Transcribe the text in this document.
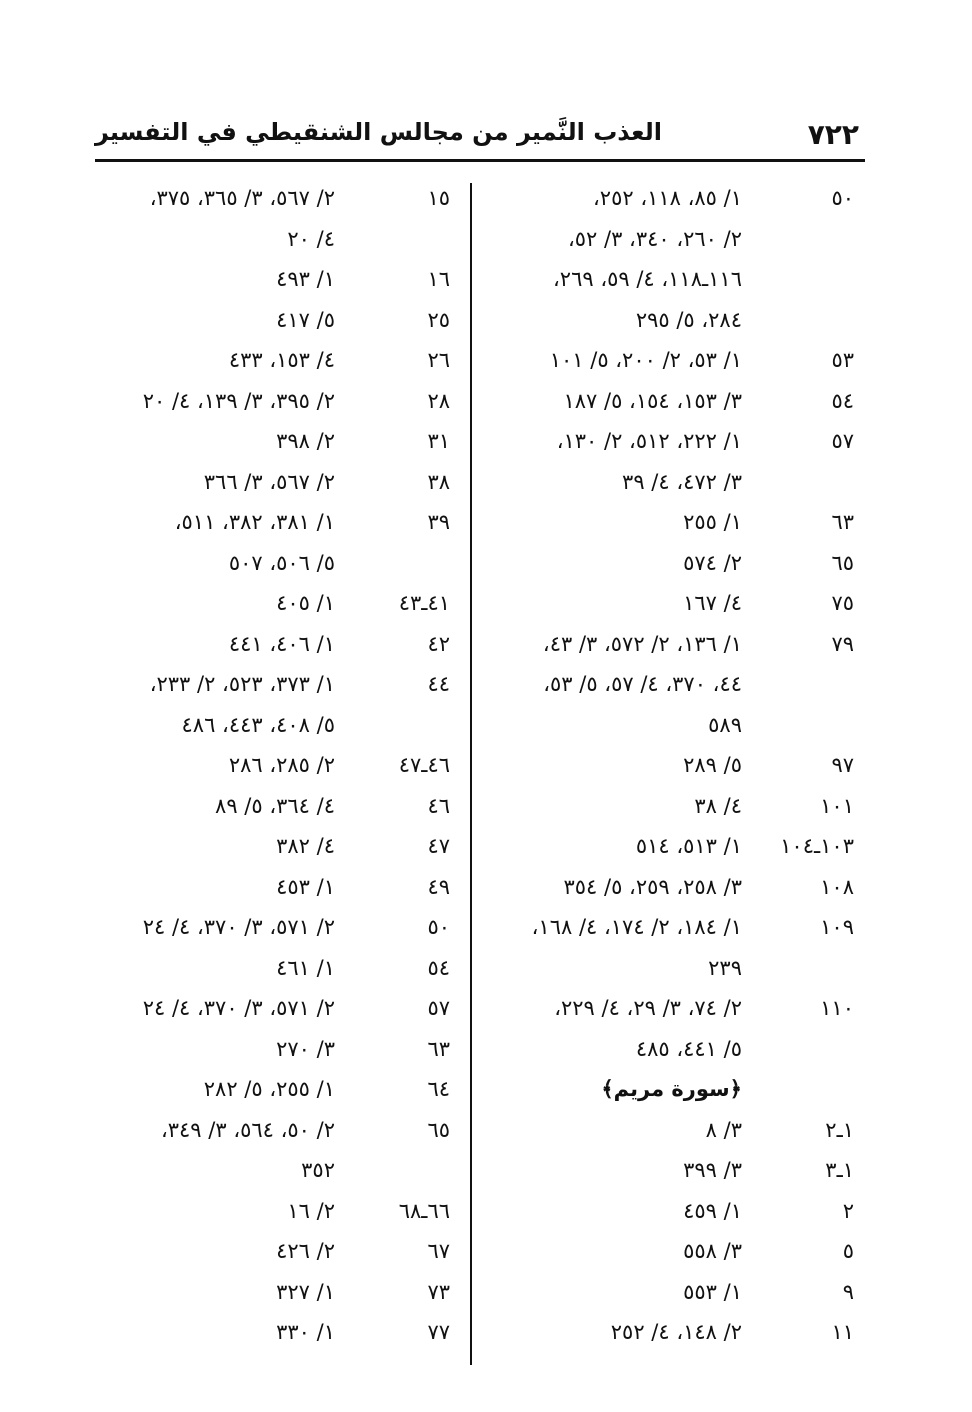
٧٢٢
العذب النَّمير من مجالس الشنقيطي في التفسير
٥٠
١/ ٨٥، ١١٨، ٢٥٢،
٢/ ٢٦٠، ٣٤٠، ٣/ ٥٢،
١١٦ـ١١٨، ٤/ ٥٩، ٢٦٩،
٢٨٤، ٥/ ٢٩٥
٥٣
١/ ٥٣، ٢/ ٢٠٠، ٥/ ١٠١
٥٤
٣/ ١٥٣، ١٥٤، ٥/ ١٨٧
٥٧
١/ ٢٢٢، ٥١٢، ٢/ ١٣٠،
٣/ ٤٧٢، ٤/ ٣٩
٦٣
١/ ٢٥٥
٦٥
٢/ ٥٧٤
٧٥
٤/ ١٦٧
٧٩
١/ ١٣٦، ٢/ ٥٧٢، ٣/ ٤٣،
٤٤، ٣٧٠، ٤/ ٥٧، ٥/ ٥٣،
٥٨٩
٩٧
٥/ ٢٨٩
١٠١
٤/ ٣٨
١٠٣ـ١٠٤
١/ ٥١٣، ٥١٤
١٠٨
٣/ ٢٥٨، ٢٥٩، ٥/ ٣٥٤
١٠٩
١/ ١٨٤، ٢/ ١٧٤، ٤/ ١٦٨،
٢٣٩
١١٠
٢/ ٧٤، ٣/ ٢٩، ٤/ ٢٢٩،
٥/ ٤٤١، ٤٨٥
﴿سورة مريم﴾
١ـ٢
٣/ ٨
١ـ٣
٣/ ٣٩٩
٢
١/ ٤٥٩
٥
٣/ ٥٥٨
٩
١/ ٥٥٣
١١
٢/ ١٤٨، ٤/ ٢٥٢
١٥
٢/ ٥٦٧، ٣/ ٣٦٥، ٣٧٥،
٤/ ٢٠
١٦
١/ ٤٩٣
٢٥
٥/ ٤١٧
٢٦
٤/ ١٥٣، ٤٣٣
٢٨
٢/ ٣٩٥، ٣/ ١٣٩، ٤/ ٢٠
٣١
٢/ ٣٩٨
٣٨
٢/ ٥٦٧، ٣/ ٣٦٦
٣٩
١/ ٣٨١، ٣٨٢، ٥١١،
٥/ ٥٠٦، ٥٠٧
٤١ـ٤٣
١/ ٤٠٥
٤٢
١/ ٤٠٦، ٤٤١
٤٤
١/ ٣٧٣، ٥٢٣، ٢/ ٢٣٣،
٥/ ٤٠٨، ٤٤٣، ٤٨٦
٤٦ـ٤٧
٢/ ٢٨٥، ٢٨٦
٤٦
٤/ ٣٦٤، ٥/ ٨٩
٤٧
٤/ ٣٨٢
٤٩
١/ ٤٥٣
٥٠
٢/ ٥٧١، ٣/ ٣٧٠، ٤/ ٢٤
٥٤
١/ ٤٦١
٥٧
٢/ ٥٧١، ٣/ ٣٧٠، ٤/ ٢٤
٦٣
٣/ ٢٧٠
٦٤
١/ ٢٥٥، ٥/ ٢٨٢
٦٥
٢/ ٥٠، ٥٦٤، ٣/ ٣٤٩،
٣٥٢
٦٦ـ٦٨
٢/ ١٦
٦٧
٢/ ٤٢٦
٧٣
١/ ٣٢٧
٧٧
١/ ٣٣٠
